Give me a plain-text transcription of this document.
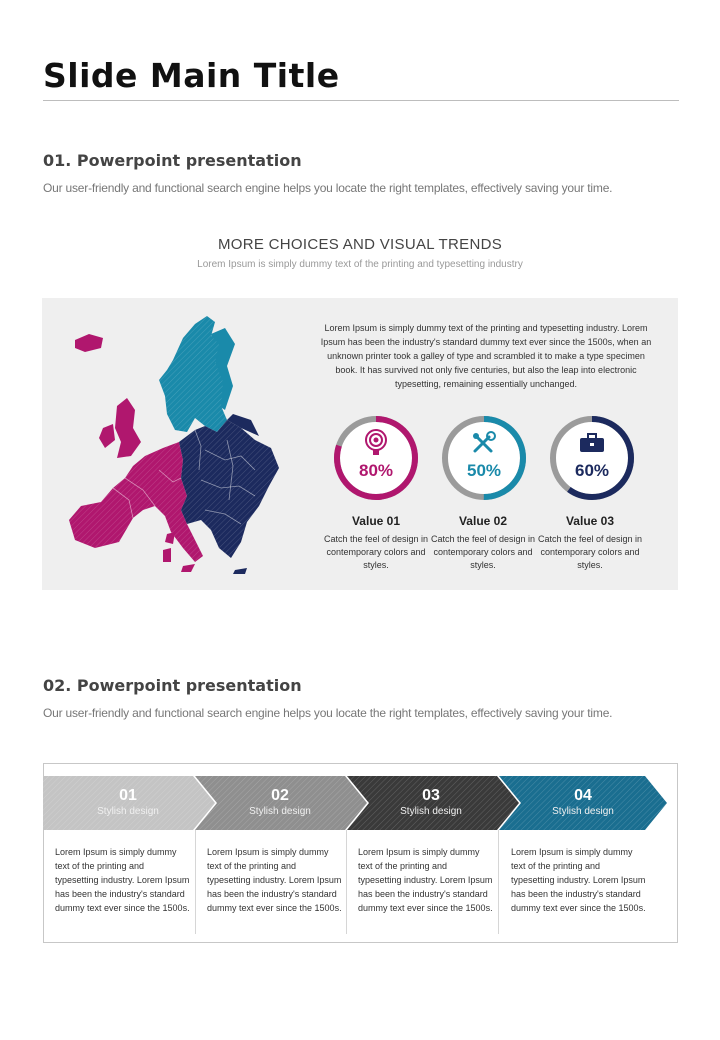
Slide Main Title
01. Powerpoint presentation
Our user-friendly and functional search engine helps you locate the right templates, effectively saving your time.
MORE CHOICES AND VISUAL TRENDS
Lorem Ipsum is simply dummy text of the printing and typesetting industry
Lorem Ipsum is simply dummy text of the printing and typesetting industry. Lorem Ipsum has been the industry's standard dummy text ever since the 1500s, when an unknown printer took a galley of type and scrambled it to make a type specimen book. It has survived not only five centuries, but also the leap into electronic typesetting, remaining essentially unchanged.
80%	50%	60%
Value 01
Catch the feel of design in contemporary colors and styles.
Value 02
Catch the feel of design in contemporary colors and styles.
Value 03
Catch the feel of design in contemporary colors and styles.
02. Powerpoint presentation
Our user-friendly and functional search engine helps you locate the right templates, effectively saving your time.
01
Stylish design
02
Stylish design
03
Stylish design
04
Stylish design
Lorem Ipsum is simply dummy text of the printing and typesetting industry. Lorem Ipsum has been the industry's standard dummy text ever since the 1500s.
Lorem Ipsum is simply dummy text of the printing and typesetting industry. Lorem Ipsum has been the industry's standard dummy text ever since the 1500s.
Lorem Ipsum is simply dummy text of the printing and typesetting industry. Lorem Ipsum has been the industry's standard dummy text ever since the 1500s.
Lorem Ipsum is simply dummy text of the printing and typesetting industry. Lorem Ipsum has been the industry's standard dummy text ever since the 1500s.
